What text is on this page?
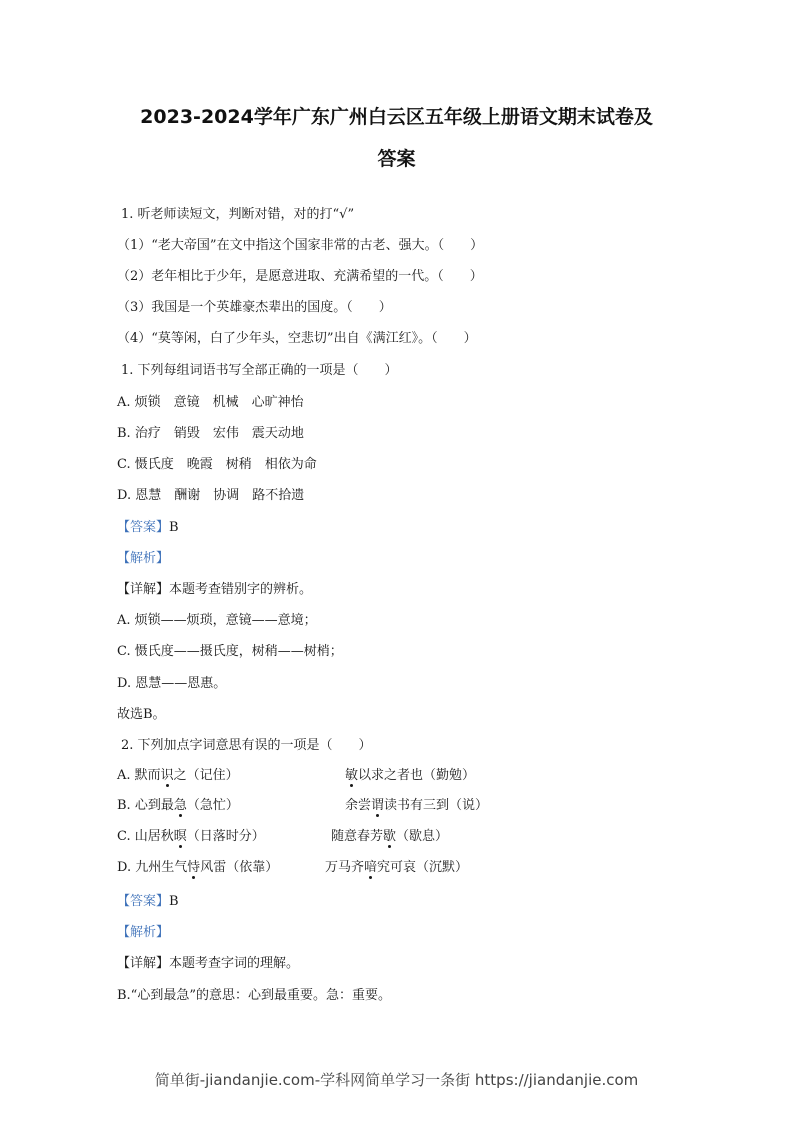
2023-2024学年广东广州白云区五年级上册语文期末试卷及
答案
1. 听老师读短文，判断对错，对的打“√”
（1）“老大帝国”在文中指这个国家非常的古老、强大。（　　）
（2）老年相比于少年，是愿意进取、充满希望的一代。（　　）
（3）我国是一个英雄豪杰辈出的国度。（　　）
（4）“莫等闲，白了少年头，空悲切”出自《满江红》。（　　）
1. 下列每组词语书写全部正确的一项是（　　）
A. 烦锁　意镜　机械　心旷神怡
B. 治疗　销毁　宏伟　震天动地
C. 慑氏度　晚霞　树稍　相依为命
D. 恩慧　酬谢　协调　路不拾遗
【答案】B
【解析】
【详解】本题考查错别字的辨析。
A. 烦锁——烦琐，意镜——意境；
C. 慑氏度——摄氏度，树稍——树梢；
D. 恩慧——恩惠。
故选B。
2. 下列加点字词意思有误的一项是（　　）
A. 默而识之（记住）	敏以求之者也（勤勉）
B. 心到最急（急忙）	余尝谓读书有三到（说）
C. 山居秋暝（日落时分）	随意春芳歇（歇息）
D. 九州生气恃风雷（依靠）	万马齐喑究可哀（沉默）
【答案】B
【解析】
【详解】本题考查字词的理解。
B.“心到最急”的意思：心到最重要。急：重要。
简单街-jiandanjie.com-学科网简单学习一条街 https://jiandanjie.com
